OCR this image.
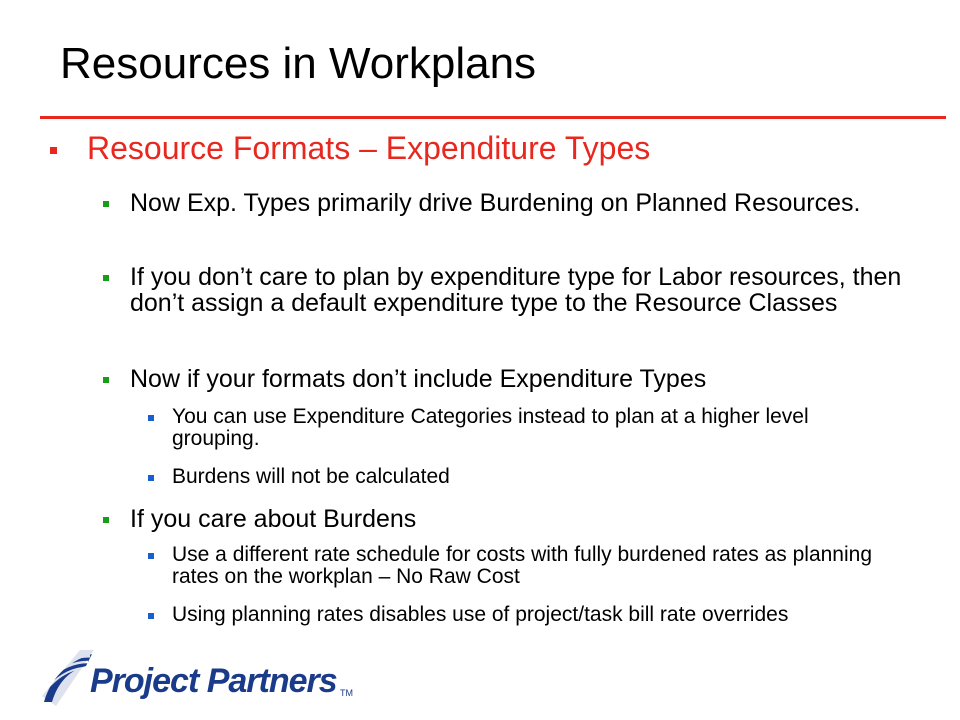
Resources in Workplans
Resource Formats – Expenditure Types
Now Exp. Types primarily drive Burdening on Planned Resources.
If you don’t care to plan by expenditure type for Labor resources, then don’t assign a default expenditure type to the Resource Classes
Now if your formats don’t include Expenditure Types
You can use Expenditure Categories instead to plan at a higher level grouping.
Burdens will not be calculated
If you care about Burdens
Use a different rate schedule for costs with fully burdened rates as planning rates on the workplan – No Raw Cost
Using planning rates disables use of project/task bill rate overrides
Project Partners TM
